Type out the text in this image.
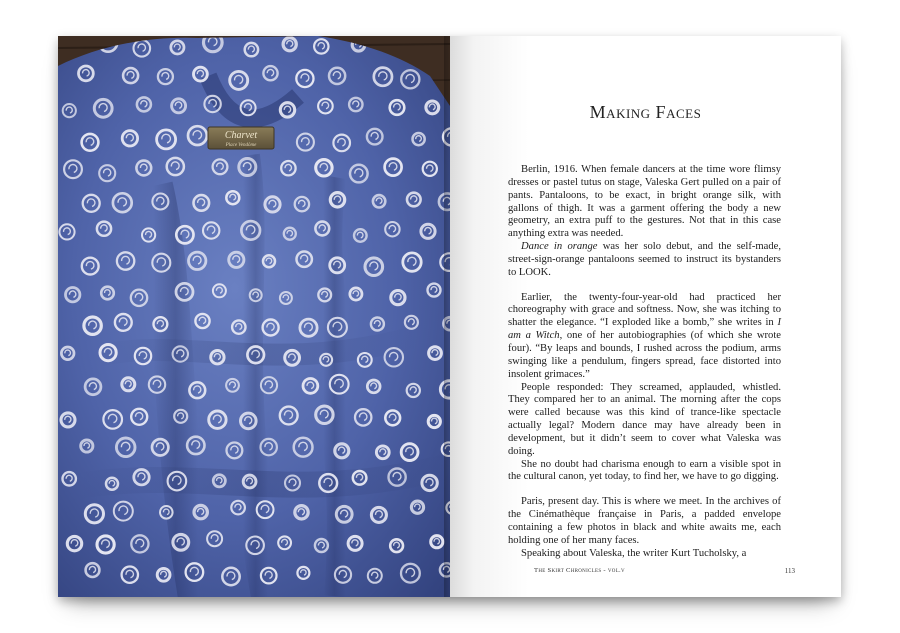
Charvet
Place Vendôme
Making Faces

Berlin, 1916. When female dancers at the time wore flimsy dresses or pastel tutus on stage, Valeska Gert pulled on a pair of pants. Pantaloons, to be exact, in bright orange silk, with gallons of thigh. It was a garment offering the body a new geometry, an extra puff to the gestures. Not that in this case anything extra was needed.

Dance in orange was her solo debut, and the self-made, street-sign-orange pantaloons seemed to instruct its bystanders to LOOK.

Earlier, the twenty-four-year-old had practiced her choreography with grace and softness. Now, she was itching to shatter the elegance. “I exploded like a bomb,” she writes in I am a Witch, one of her autobiographies (of which she wrote four). “By leaps and bounds, I rushed across the podium, arms swinging like a pendulum, fingers spread, face distorted into insolent grimaces.”

People responded: They screamed, applauded, whistled. They compared her to an animal. The morning after the cops were called because was this kind of trance-like spectacle actually legal? Modern dance may have already been in development, but it didn’t seem to cover what Valeska was doing.

She no doubt had charisma enough to earn a visible spot in the cultural canon, yet today, to find her, we have to go digging.

Paris, present day. This is where we meet. In the archives of the Cinémathèque française in Paris, a padded envelope containing a few photos in black and white awaits me, each holding one of her many faces.

Speaking about Valeska, the writer Kurt Tucholsky, a

The Skirt Chronicles - vol.v	113
